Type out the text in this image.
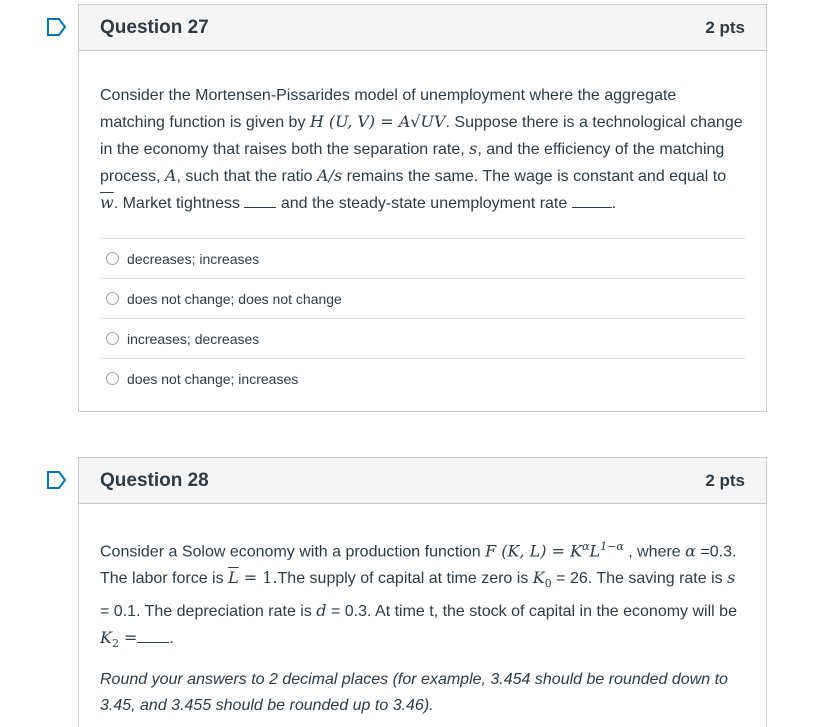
Question 27	2 pts
Consider the Mortensen-Pissarides model of unemployment where the aggregate matching function is given by H (U, V) = A√UV. Suppose there is a technological change in the economy that raises both the separation rate, s, and the efficiency of the matching process, A, such that the ratio A/s remains the same. The wage is constant and equal to $\overline{w}$. Market tightness  and the steady-state unemployment rate	.
decreases; increases
does not change; does not change
increases; decreases
does not change; increases
Question 28	2 pts
Consider a Solow economy with a production function F (K, $L) = K^\alpha L^{1-\alpha}$ , where α =0.3. The labor force is $\overline{L} = 1.The$ supply of capital at time zero is $K_0 = 26$. The saving rate is s = 0.1. The depreciation rate is d = 0.3. At time t, the stock of capital in the economy will be $K_2$ = .
Round your answers to 2 decimal places (for example, 3.454 should be rounded down to 3.45, and 3.455 should be rounded up to 3.46).
